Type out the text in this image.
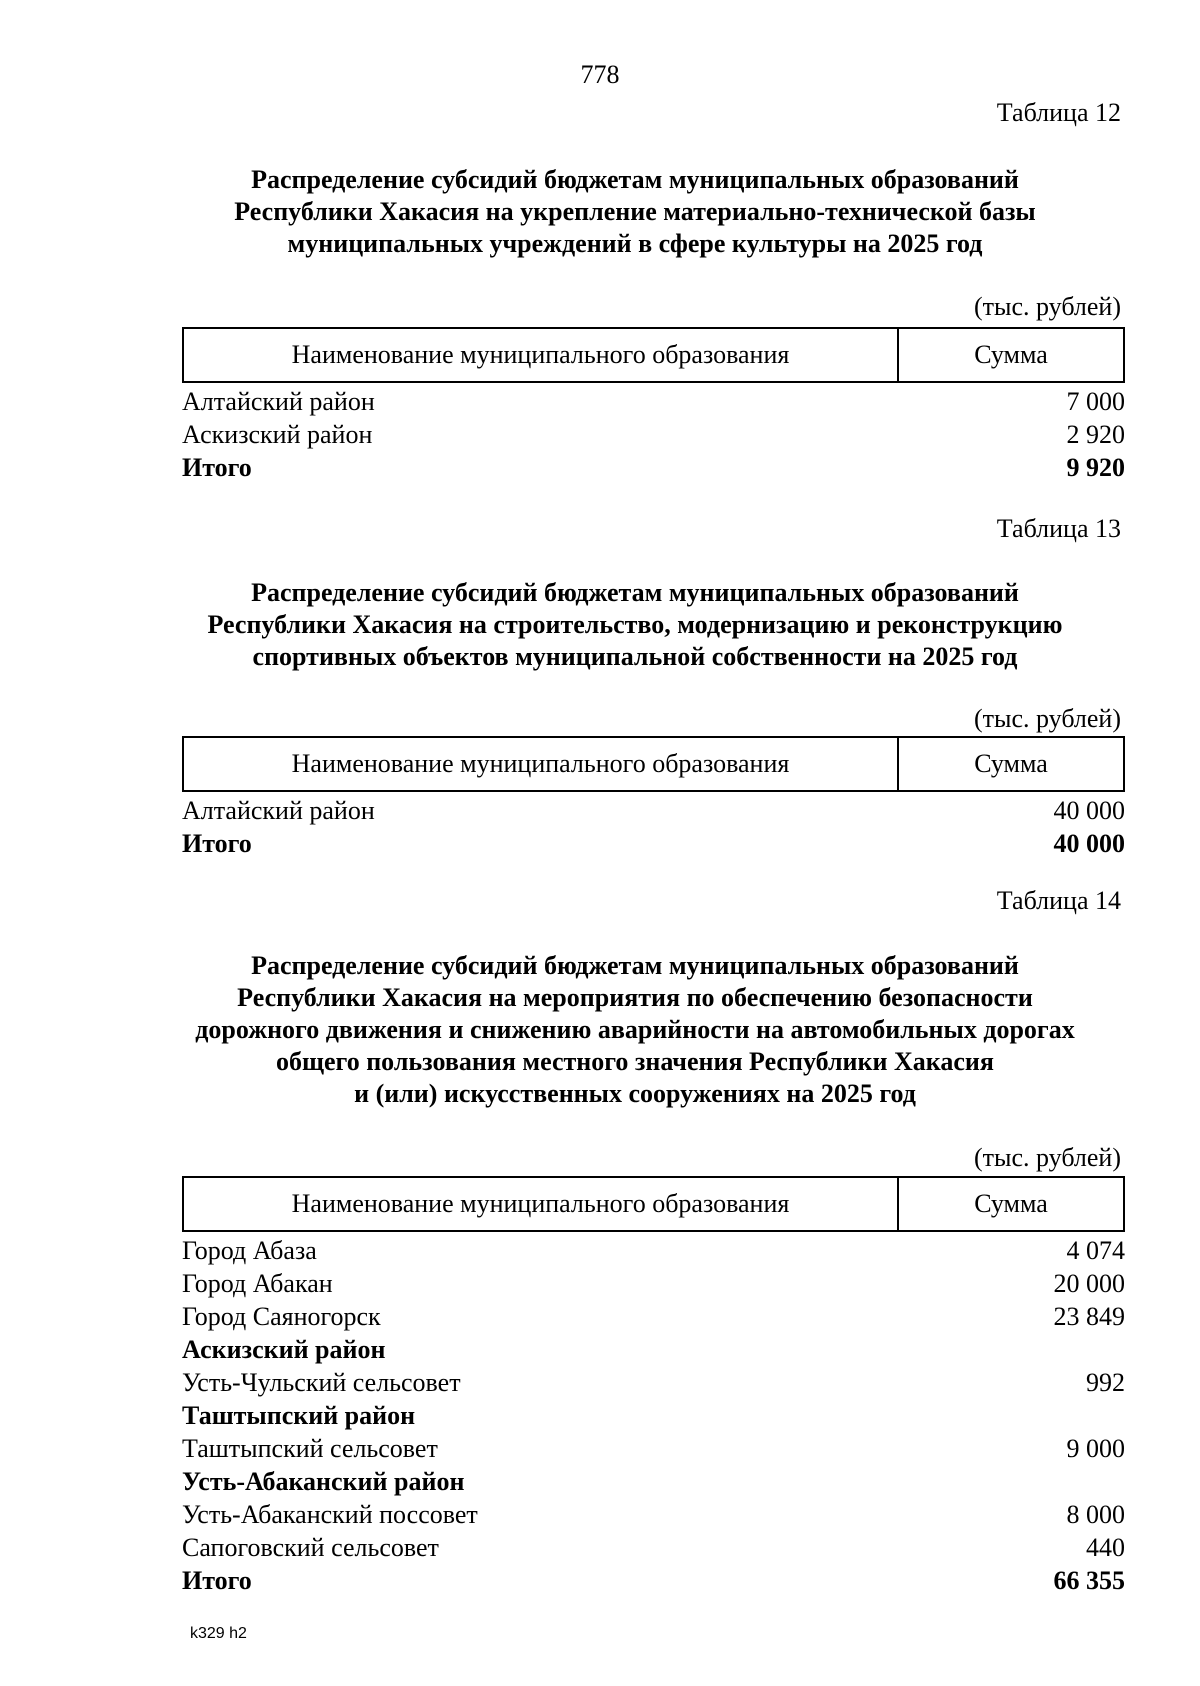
778
Таблица 12
Распределение субсидий бюджетам муниципальных образований
Республики Хакасия на укрепление материально-технической базы
муниципальных учреждений в сфере культуры на 2025 год
(тыс. рублей)
Наименование муниципального образования	Сумма
Алтайский район	7 000
Аскизский район	2 920
Итого	9 920
Таблица 13
Распределение субсидий бюджетам муниципальных образований
Республики Хакасия на строительство, модернизацию и реконструкцию
спортивных объектов муниципальной собственности на 2025 год
(тыс. рублей)
Наименование муниципального образования	Сумма
Алтайский район	40 000
Итого	40 000
Таблица 14
Распределение субсидий бюджетам муниципальных образований
Республики Хакасия на мероприятия по обеспечению безопасности
дорожного движения и снижению аварийности на автомобильных дорогах
общего пользования местного значения Республики Хакасия
и (или) искусственных сооружениях на 2025 год
(тыс. рублей)
Наименование муниципального образования	Сумма
Город Абаза	4 074
Город Абакан	20 000
Город Саяногорск	23 849
Аскизский район
Усть-Чульский сельсовет	992
Таштыпский район
Таштыпский сельсовет	9 000
Усть-Абаканский район
Усть-Абаканский поссовет	8 000
Сапоговский сельсовет	440
Итого	66 355
k329 h2
